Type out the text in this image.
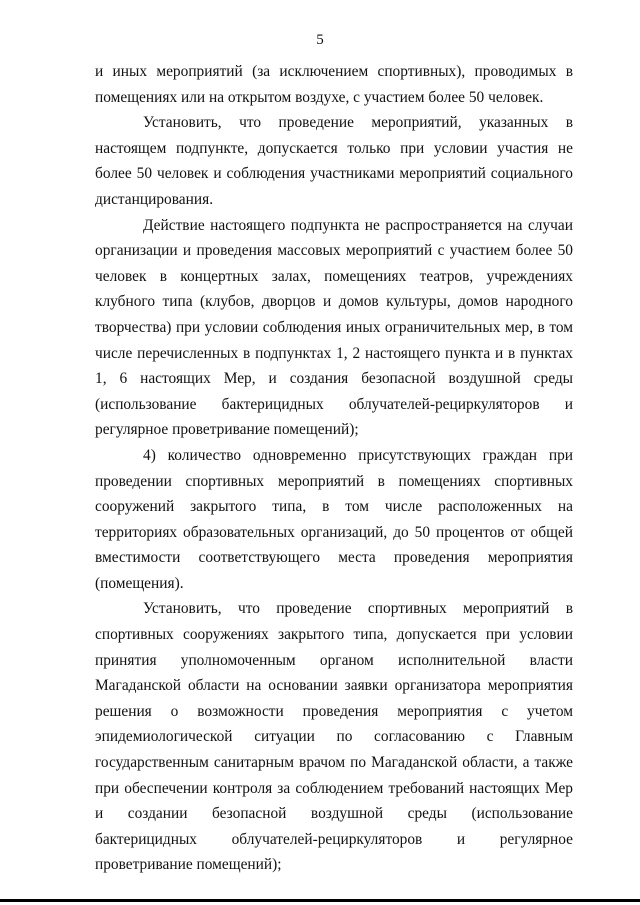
5

и иных мероприятий (за исключением спортивных), проводимых в помещениях или на открытом воздухе, с участием более 50 человек.

Установить, что проведение мероприятий, указанных в настоящем подпункте, допускается только при условии участия не более 50 человек и соблюдения участниками мероприятий социального дистанцирования.

Действие настоящего подпункта не распространяется на случаи организации и проведения массовых мероприятий с участием более 50 человек в концертных залах, помещениях театров, учреждениях клубного типа (клубов, дворцов и домов культуры, домов народного творчества) при условии соблюдения иных ограничительных мер, в том числе перечисленных в подпунктах 1, 2 настоящего пункта и в пунктах 1, 6 настоящих Мер, и создания безопасной воздушной среды (использование бактерицидных облучателей-рециркуляторов и регулярное проветривание помещений);

4) количество одновременно присутствующих граждан при проведении спортивных мероприятий в помещениях спортивных сооружений закрытого типа, в том числе расположенных на территориях образовательных организаций, до 50 процентов от общей вместимости соответствующего места проведения мероприятия (помещения).

Установить, что проведение спортивных мероприятий в спортивных сооружениях закрытого типа, допускается при условии принятия уполномоченным органом исполнительной власти Магаданской области на основании заявки организатора мероприятия решения о возможности проведения мероприятия с учетом эпидемиологической ситуации по согласованию с Главным государственным санитарным врачом по Магаданской области, а также при обеспечении контроля за соблюдением требований настоящих Мер и создании безопасной воздушной среды (использование бактерицидных облучателей-рециркуляторов и регулярное проветривание помещений);
